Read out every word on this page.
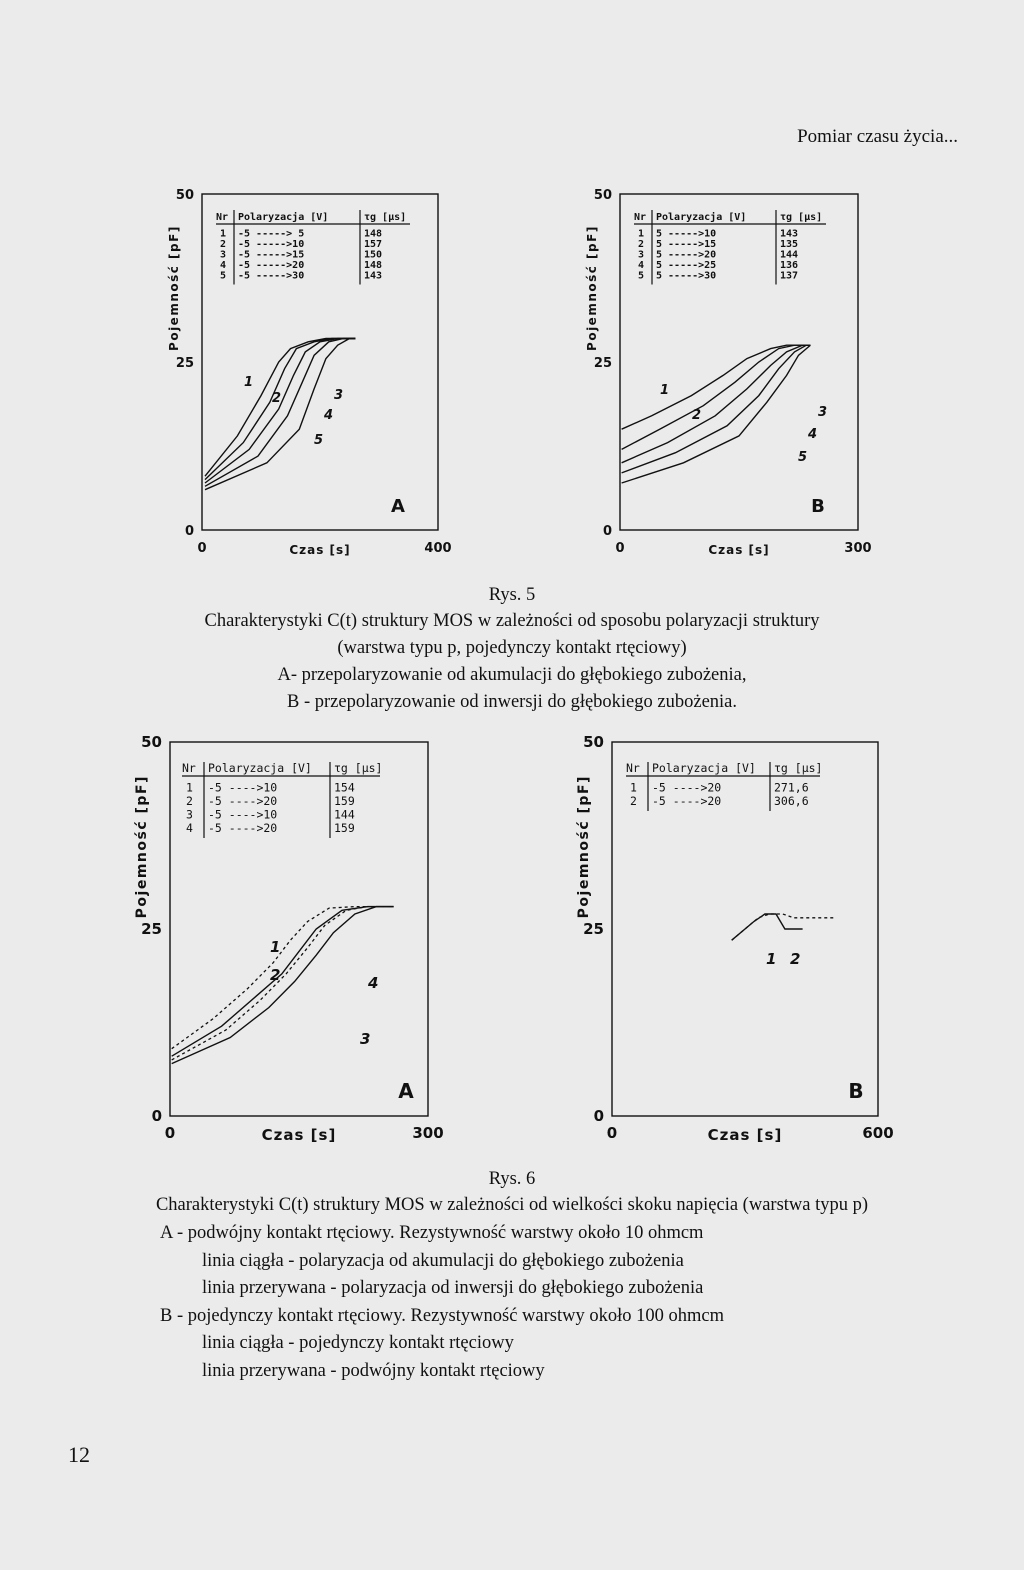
Pomiar czasu życia...
0
25
50
0	400
Czas [s]
Pojemność [pF]
A
1
2	3
4
5
Nr Polaryzacja [V]	τg [μs]
1 -5 -----> 5	148
2 -5 ----->10	157
3 -5 ----->15	150
4 -5 ----->20	148
5 -5 ----->30	143
0
25
50
0	300
Czas [s]
Pojemność [pF]
B
1
2	3
4
5
Nr Polaryzacja [V]	τg [μs]
1 5 ----->10	143
2 5 ----->15	135
3 5 ----->20	144
4 5 ----->25	136
5 5 ----->30	137
Rys. 5
Charakterystyki C(t) struktury MOS w zależności od sposobu polaryzacji struktury
(warstwa typu p, pojedynczy kontakt rtęciowy)
A- przepolaryzowanie od akumulacji do głębokiego zubożenia,
B - przepolaryzowanie od inwersji do głębokiego zubożenia.
0
25
50
0	300
Czas [s]
Pojemność [pF]
A
1
2
3
4
Nr Polaryzacja [V] τg [μs]
1 -5 ---->10	154
2 -5 ---->20	159
3 -5 ---->10	144
4 -5 ---->20	159
0
25
50
0	600
Czas [s]
Pojemność [pF]
B
1 2
Nr Polaryzacja [V] τg [μs]
1 -5 ---->20	271,6
2 -5 ---->20	306,6
Rys. 6
Charakterystyki C(t) struktury MOS w zależności od wielkości skoku napięcia (warstwa typu p)
A - podwójny kontakt rtęciowy. Rezystywność warstwy około 10 ohmcm
linia ciągła - polaryzacja od akumulacji do głębokiego zubożenia
linia przerywana - polaryzacja od inwersji do głębokiego zubożenia
B - pojedynczy kontakt rtęciowy. Rezystywność warstwy około 100 ohmcm
linia ciągła - pojedynczy kontakt rtęciowy
linia przerywana - podwójny kontakt rtęciowy
12
